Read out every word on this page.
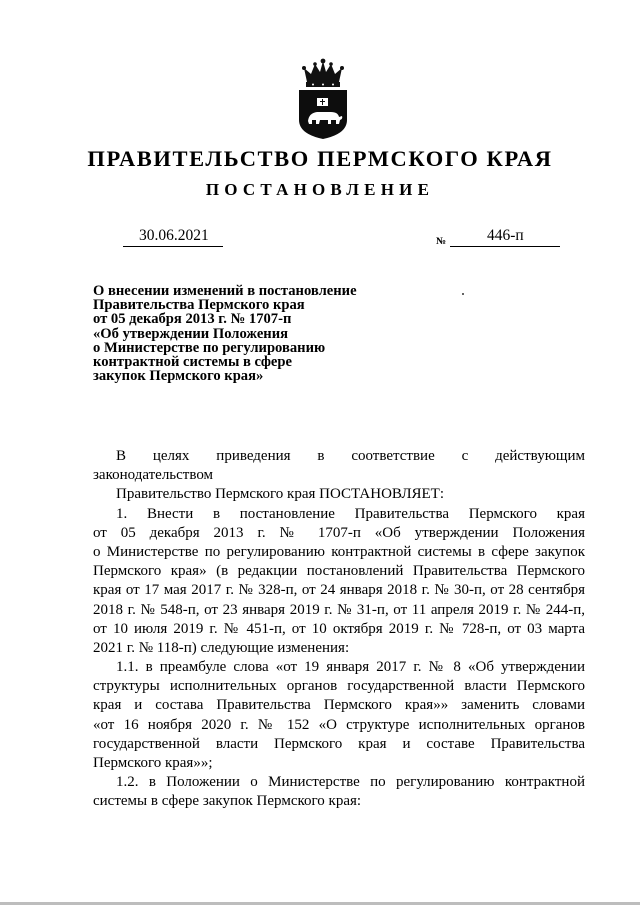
ПРАВИТЕЛЬСТВО ПЕРМСКОГО КРАЯ
ПОСТАНОВЛЕНИЕ
30.06.2021	№	446-п
О внесении изменений в постановление
Правительства Пермского края
от 05 декабря 2013 г. № 1707-п
«Об утверждении Положения
о Министерстве по регулированию
контрактной системы в сфере
закупок Пермского края»
В целях приведения в соответствие с действующим
законодательством
Правительство Пермского края ПОСТАНОВЛЯЕТ:
1. Внести в постановление Правительства Пермского края
от 05 декабря 2013 г. № 1707-п «Об утверждении Положения
о Министерстве по регулированию контрактной системы в сфере закупок
Пермского края» (в редакции постановлений Правительства Пермского
края от 17 мая 2017 г. № 328-п, от 24 января 2018 г. № 30-п, от 28 сентября
2018 г. № 548-п, от 23 января 2019 г. № 31-п, от 11 апреля 2019 г. № 244-п,
от 10 июля 2019 г. № 451-п, от 10 октября 2019 г. № 728-п, от 03 марта
2021 г. № 118-п) следующие изменения:
1.1. в преамбуле слова «от 19 января 2017 г. № 8 «Об утверждении
структуры исполнительных органов государственной власти Пермского
края и состава Правительства Пермского края»» заменить словами
«от 16 ноября 2020 г. № 152 «О структуре исполнительных органов
государственной власти Пермского края и составе Правительства
Пермского края»»;
1.2. в Положении о Министерстве по регулированию контрактной
системы в сфере закупок Пермского края:
